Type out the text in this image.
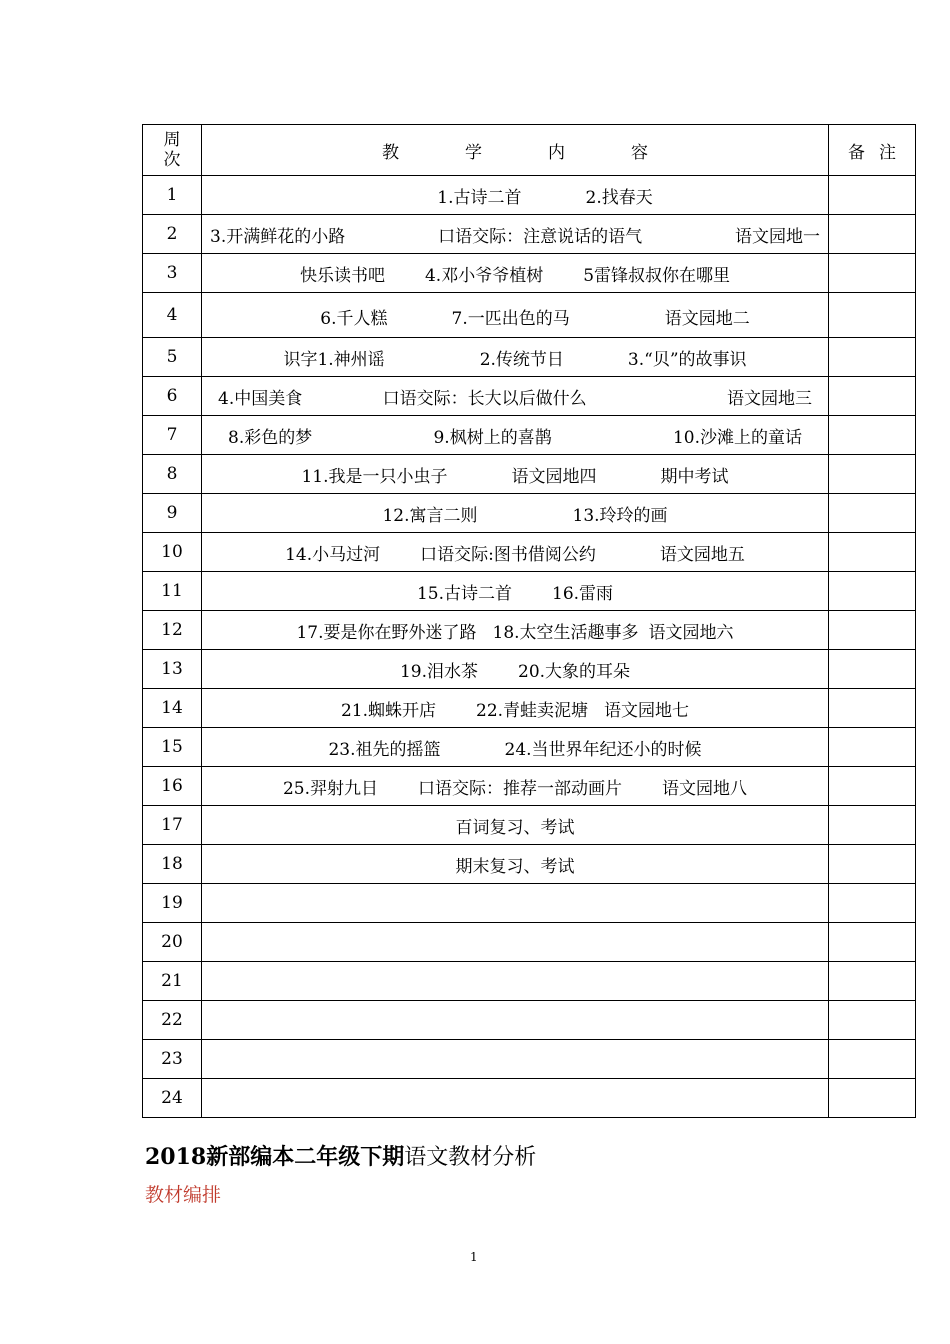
周
次	教 学 内 容	备 注
1	1.古诗二首 2.找春天	

2	3.开满鲜花的小路 口语交际：注意说话的语气 语文园地一	

3	快乐读书吧 4.邓小爷爷植树 5雷锋叔叔你在哪里	

4	6.千人糕 7.一匹出色的马 语文园地二	

5	识字1.神州谣 2.传统节日 3.“贝”的故事识	

6	4.中国美食 口语交际：长大以后做什么 语文园地三	

7	8.彩色的梦 9.枫树上的喜鹊 10.沙滩上的童话	

8	11.我是一只小虫子 语文园地四 期中考试	

9	12.寓言二则 13.玲玲的画	

10	14.小马过河 口语交际:图书借阅公约 语文园地五	

11	15.古诗二首 16.雷雨	

12	17.要是你在野外迷了路 18.太空生活趣事多 语文园地六	

13	19.泪水茶 20.大象的耳朵	

14	21.蜘蛛开店 22.青蛙卖泥塘 语文园地七	

15	23.祖先的摇篮 24.当世界年纪还小的时候	

16	25.羿射九日 口语交际：推荐一部动画片 语文园地八	

17	百词复习、考试	

18	期末复习、考试	

19		
20		
21		
22		
23		
24		
2018新部编本二年级下期语文教材分析
教材编排
1
